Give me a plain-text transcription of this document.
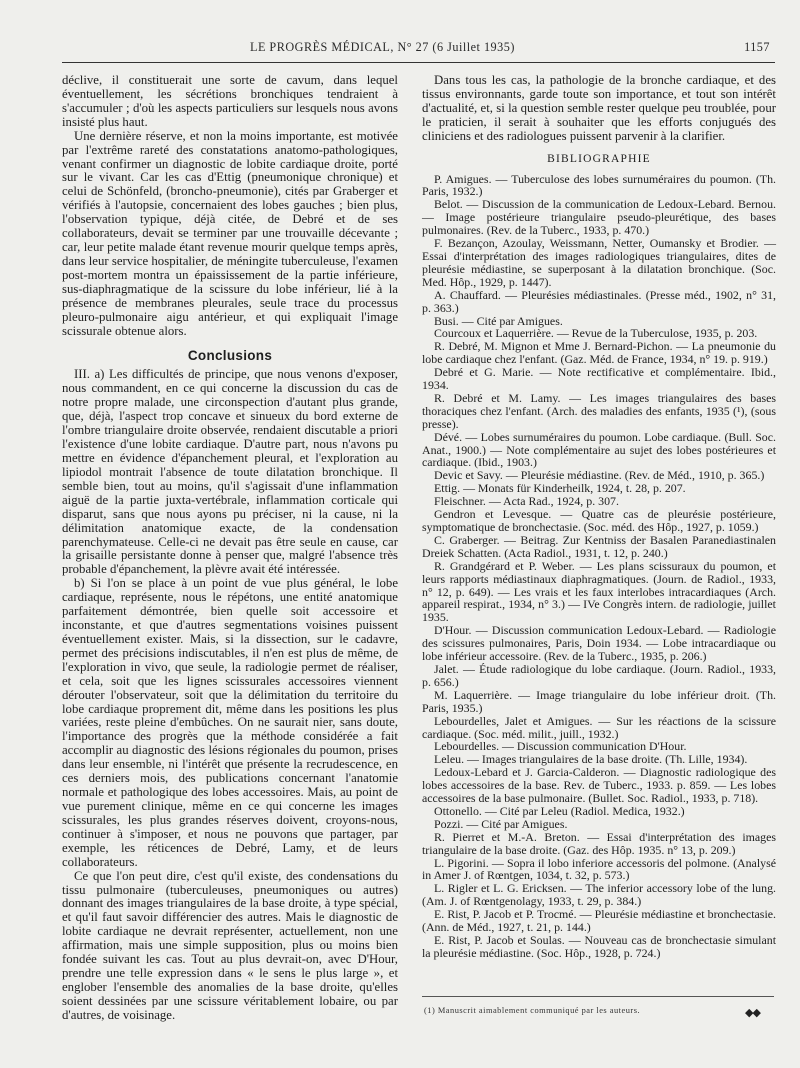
LE PROGRÈS MÉDICAL, N° 27 (6 Juillet 1935)	1157

déclive, il constituerait une sorte de cavum, dans lequel éventuellement, les sécrétions bronchiques tendraient à s'accumuler ; d'où les aspects particuliers sur lesquels nous avons insisté plus haut.

Une dernière réserve, et non la moins importante, est motivée par l'extrême rareté des constatations anatomo-pathologiques, venant confirmer un diagnostic de lobite cardiaque droite, porté sur le vivant. Car les cas d'Ettig (pneumonique chronique) et celui de Schönfeld, (broncho-pneumonie), cités par Graberger et vérifiés à l'autopsie, concernaient des lobes gauches ; bien plus, l'observation typique, déjà citée, de Debré et de ses collaborateurs, devait se terminer par une trouvaille décevante ; car, leur petite malade étant revenue mourir quelque temps après, dans leur service hospitalier, de méningite tuberculeuse, l'examen post-mortem montra un épaississement de la partie inférieure, sus-diaphragmatique de la scissure du lobe inférieur, lié à la présence de membranes pleurales, seule trace du processus pleuro-pulmonaire aigu antérieur, et qui expliquait l'image scissurale obtenue alors.

Conclusions

III. a) Les difficultés de principe, que nous venons d'exposer, nous commandent, en ce qui concerne la discussion du cas de notre propre malade, une circonspection d'autant plus grande, que, déjà, l'aspect trop concave et sinueux du bord externe de l'ombre triangulaire droite observée, rendaient discutable a priori l'existence d'une lobite cardiaque. D'autre part, nous n'avons pu mettre en évidence d'épanchement pleural, et l'exploration au lipiodol montrait l'absence de toute dilatation bronchique. Il semble bien, tout au moins, qu'il s'agissait d'une inflammation aiguë de la partie juxta-vertébrale, inflammation corticale qui disparut, sans que nous ayons pu préciser, ni la cause, ni la délimitation anatomique exacte, de la condensation parenchymateuse. Celle-ci ne devait pas être seule en cause, car la grisaille persistante donne à penser que, malgré l'absence très probable d'épanchement, la plèvre avait été intéressée.

b) Si l'on se place à un point de vue plus général, le lobe cardiaque, représente, nous le répétons, une entité anatomique parfaitement démontrée, bien quelle soit accessoire et inconstante, et que d'autres segmentations voisines puissent éventuellement exister. Mais, si la dissection, sur le cadavre, permet des précisions indiscutables, il n'en est plus de même, de l'exploration in vivo, que seule, la radiologie permet de réaliser, et cela, soit que les lignes scissurales accessoires viennent dérouter l'observateur, soit que la délimitation du territoire du lobe cardiaque proprement dit, même dans les positions les plus variées, reste pleine d'embûches. On ne saurait nier, sans doute, l'importance des progrès que la méthode considérée a fait accomplir au diagnostic des lésions régionales du poumon, prises dans leur ensemble, ni l'intérêt que présente la recrudescence, en ces derniers mois, des publications concernant l'anatomie normale et pathologique des lobes accessoires. Mais, au point de vue purement clinique, même en ce qui concerne les images scissurales, les plus grandes réserves doivent, croyons-nous, continuer à s'imposer, et nous ne pouvons que partager, par exemple, les réticences de Debré, Lamy, et de leurs collaborateurs.

Ce que l'on peut dire, c'est qu'il existe, des condensations du tissu pulmonaire (tuberculeuses, pneumoniques ou autres) donnant des images triangulaires de la base droite, à type spécial, et qu'il faut savoir différencier des autres. Mais le diagnostic de lobite cardiaque ne devrait représenter, actuellement, non une affirmation, mais une simple supposition, plus ou moins bien fondée suivant les cas. Tout au plus devrait-on, avec D'Hour, prendre une telle expression dans « le sens le plus large », et englober l'ensemble des anomalies de la base droite, qu'elles soient dessinées par une scissure véritablement lobaire, ou par d'autres, de voisinage.

Dans tous les cas, la pathologie de la bronche cardiaque, et des tissus environnants, garde toute son importance, et tout son intérêt d'actualité, et, si la question semble rester quelque peu troublée, pour le praticien, il serait à souhaiter que les efforts conjugués des cliniciens et des radiologues puissent parvenir à la clarifier.

BIBLIOGRAPHIE
P. Amigues. — Tuberculose des lobes surnuméraires du poumon. (Th. Paris, 1932.)
Belot. — Discussion de la communication de Ledoux-Lebard. Bernou. — Image postérieure triangulaire pseudo-pleurétique, des bases pulmonaires. (Rev. de la Tuberc., 1933, p. 470.)
F. Bezançon, Azoulay, Weissmann, Netter, Oumansky et Brodier. — Essai d'interprétation des images radiologiques triangulaires, dites de pleurésie médiastine, se superposant à la dilatation bronchique. (Soc. Med. Hôp., 1929, p. 1447).
A. Chauffard. — Pleurésies médiastinales. (Presse méd., 1902, n° 31, p. 363.)
Busi. — Cité par Amigues.
Courcoux et Laquerrière. — Revue de la Tuberculose, 1935, p. 203.
R. Debré, M. Mignon et Mme J. Bernard-Pichon. — La pneumonie du lobe cardiaque chez l'enfant. (Gaz. Méd. de France, 1934, n° 19. p. 919.)
Debré et G. Marie. — Note rectificative et complémentaire. Ibid., 1934.
R. Debré et M. Lamy. — Les images triangulaires des bases thoraciques chez l'enfant. (Arch. des maladies des enfants, 1935 (¹), (sous presse).
Dévé. — Lobes surnuméraires du poumon. Lobe cardiaque. (Bull. Soc. Anat., 1900.) — Note complémentaire au sujet des lobes postérieures et cardiaque. (Ibid., 1903.)
Devic et Savy. — Pleurésie médiastine. (Rev. de Méd., 1910, p. 365.)
Ettig. — Monats für Kinderheilk, 1924, t. 28, p. 207.
Fleischner. — Acta Rad., 1924, p. 307.
Gendron et Levesque. — Quatre cas de pleurésie postérieure, symptomatique de bronchectasie. (Soc. méd. des Hôp., 1927, p. 1059.)
C. Graberger. — Beitrag. Zur Kentniss der Basalen Paranediastinalen Dreiek Schatten. (Acta Radiol., 1931, t. 12, p. 240.)
R. Grandgérard et P. Weber. — Les plans scissuraux du poumon, et leurs rapports médiastinaux diaphragmatiques. (Journ. de Radiol., 1933, n° 12, p. 649). — Les vrais et les faux interlobes intracardiaques (Arch. appareil respirat., 1934, n° 3.) — IVe Congrès intern. de radiologie, juillet 1935.
D'Hour. — Discussion communication Ledoux-Lebard. — Radiologie des scissures pulmonaires, Paris, Doin 1934. — Lobe intracardiaque ou lobe inférieur accessoire. (Rev. de la Tuberc., 1935, p. 206.)
Jalet. — Étude radiologique du lobe cardiaque. (Journ. Radiol., 1933, p. 656.)
M. Laquerrière. — Image triangulaire du lobe inférieur droit. (Th. Paris, 1935.)
Lebourdelles, Jalet et Amigues. — Sur les réactions de la scissure cardiaque. (Soc. méd. milit., juill., 1932.)
Lebourdelles. — Discussion communication D'Hour.
Leleu. — Images triangulaires de la base droite. (Th. Lille, 1934).
Ledoux-Lebard et J. Garcia-Calderon. — Diagnostic radiologique des lobes accessoires de la base. Rev. de Tuberc., 1933. p. 859. — Les lobes accessoires de la base pulmonaire. (Bullet. Soc. Radiol., 1933, p. 718).
Ottonello. — Cité par Leleu (Radiol. Medica, 1932.)
Pozzi. — Cité par Amigues.
R. Pierret et M.-A. Breton. — Essai d'interprétation des images triangulaire de la base droite. (Gaz. des Hôp. 1935. n° 13, p. 209.)
L. Pigorini. — Sopra il lobo inferiore accessoris del polmone. (Analysé in Amer J. of Rœntgen, 1034, t. 32, p. 573.)
L. Rigler et L. G. Ericksen. — The inferior accessory lobe of the lung. (Am. J. of Rœntgenolagy, 1933, t. 29, p. 384.)
E. Rist, P. Jacob et P. Trocmé. — Pleurésie médiastine et bronchectasie. (Ann. de Méd., 1927, t. 21, p. 144.)
E. Rist, P. Jacob et Soulas. — Nouveau cas de bronchectasie simulant la pleurésie médiastine. (Soc. Hôp., 1928, p. 724.)
(1) Manuscrit aimablement communiqué par les auteurs.	◆◆
